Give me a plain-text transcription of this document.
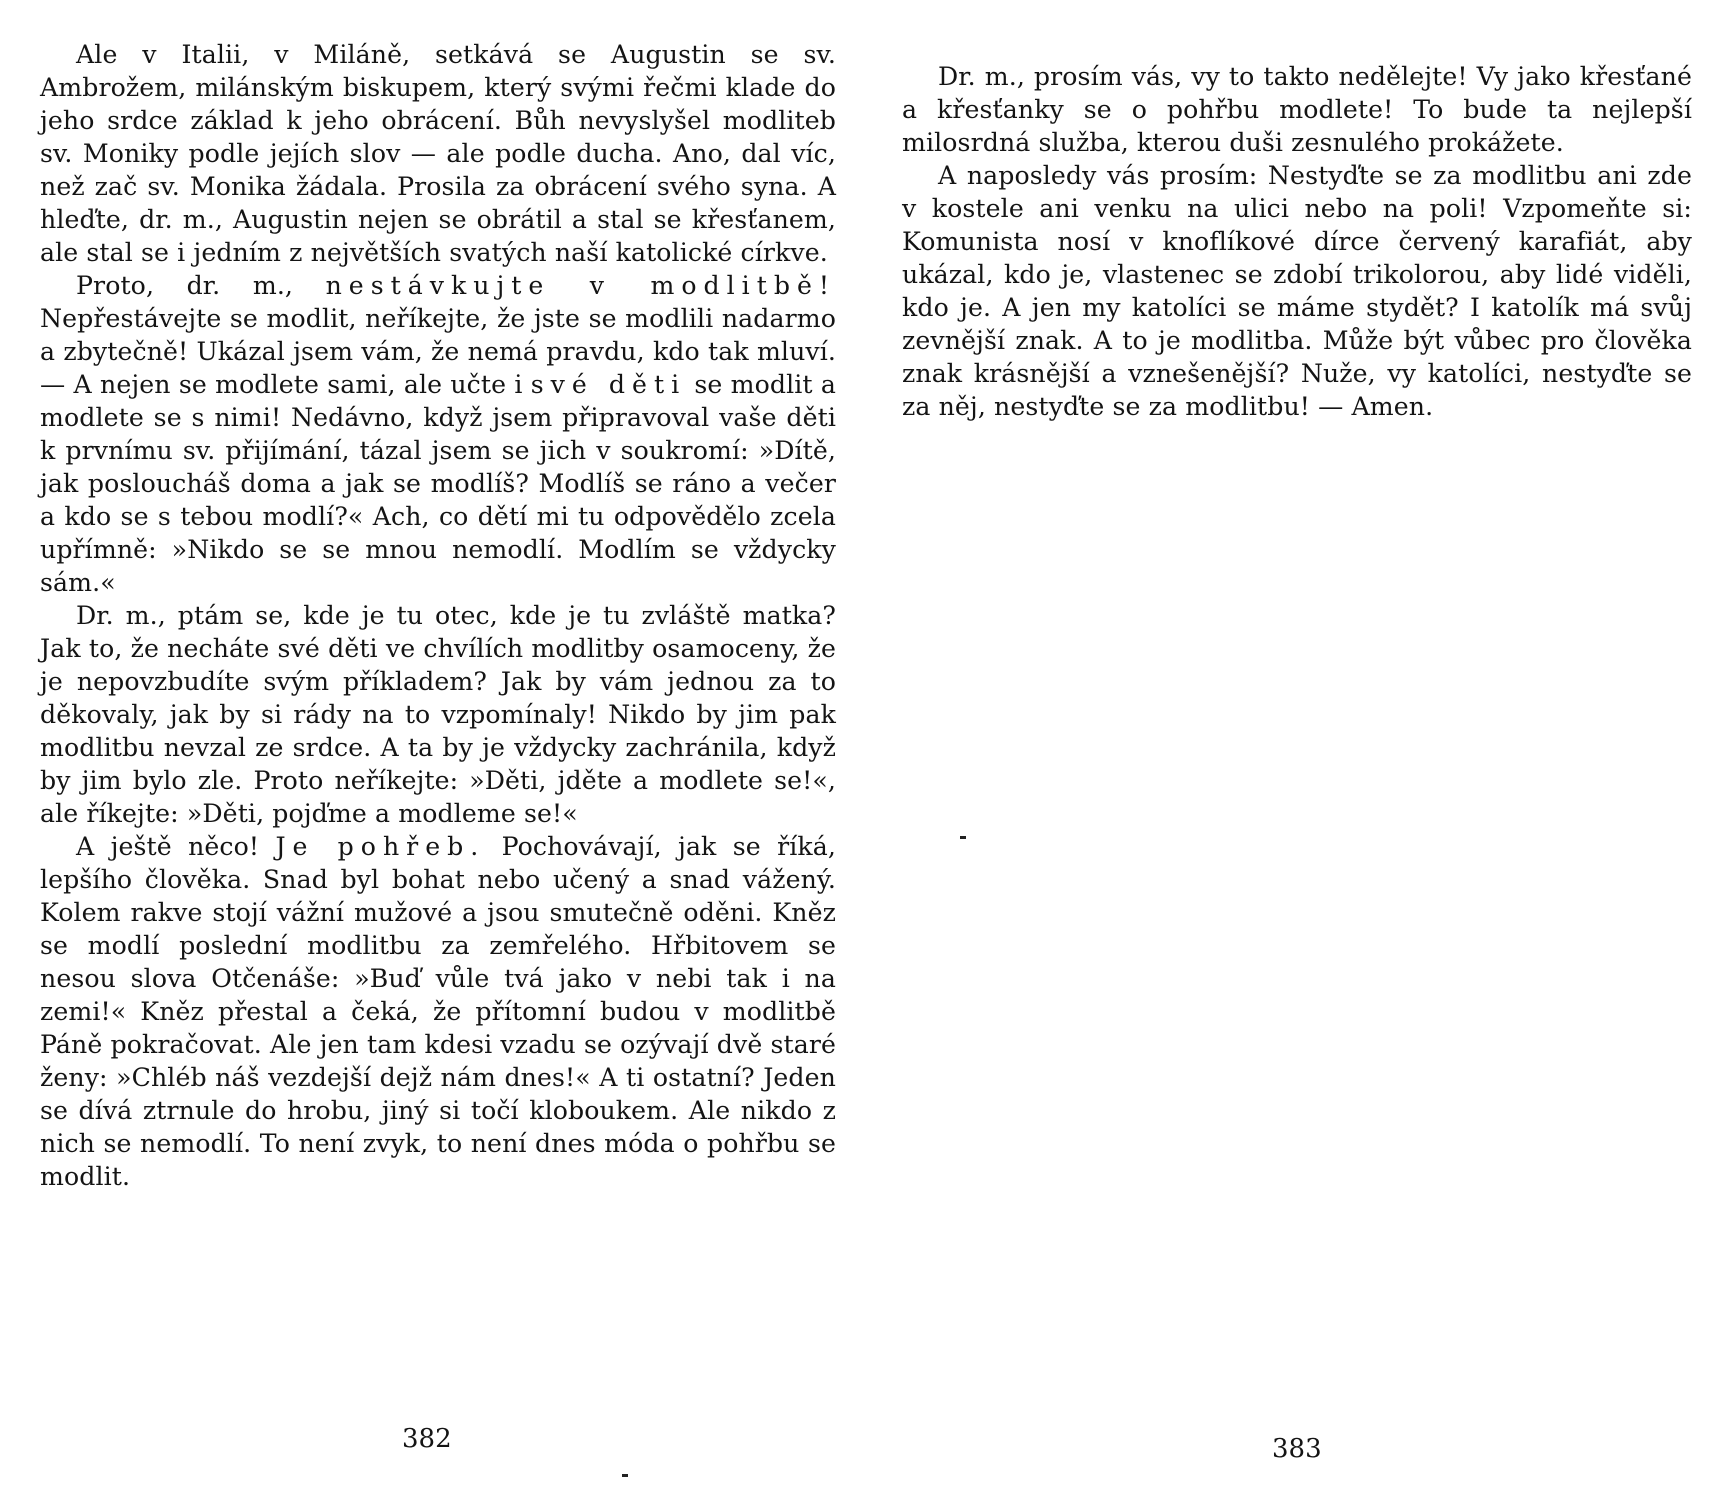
Ale v Italii, v Miláně, setkává se Augustin se sv. Ambrožem, milánským biskupem, který svými řečmi klade do jeho srdce základ k jeho obrácení. Bůh nevyslyšel modliteb sv. Moniky podle jejích slov — ale podle ducha. Ano, dal víc, než zač sv. Monika žádala. Prosila za obrácení svého syna. A hleďte, dr. m., Augustin nejen se obrátil a stal se křesťanem, ale stal se i jedním z největších svatých naší katolické církve.
Proto, dr. m., nestávkujte v modlitbě! Nepřestávejte se modlit, neříkejte, že jste se modlili nadarmo a zbytečně! Ukázal jsem vám, že nemá pravdu, kdo tak mluví. — A nejen se modlete sami, ale učte i své děti se modlit a modlete se s nimi! Nedávno, když jsem připravoval vaše děti k prvnímu sv. přijímání, tázal jsem se jich v soukromí: »Dítě, jak posloucháš doma a jak se modlíš? Modlíš se ráno a večer a kdo se s tebou modlí?« Ach, co dětí mi tu odpovědělo zcela upřímně: »Nikdo se se mnou nemodlí. Modlím se vždycky sám.«
Dr. m., ptám se, kde je tu otec, kde je tu zvláště matka? Jak to, že necháte své děti ve chvílích modlitby osamoceny, že je nepovzbudíte svým příkladem? Jak by vám jednou za to děkovaly, jak by si rády na to vzpomínaly! Nikdo by jim pak modlitbu nevzal ze srdce. A ta by je vždycky zachránila, když by jim bylo zle. Proto neříkejte: »Děti, jděte a modlete se!«, ale říkejte: »Děti, pojďme a modleme se!«
A ještě něco! Je pohřeb. Pochovávají, jak se říká, lepšího člověka. Snad byl bohat nebo učený a snad vážený. Kolem rakve stojí vážní mužové a jsou smutečně oděni. Kněz se modlí poslední modlitbu za zemřelého. Hřbitovem se nesou slova Otčenáše: »Buď vůle tvá jako v nebi tak i na zemi!« Kněz přestal a čeká, že přítomní budou v modlitbě Páně pokračovat. Ale jen tam kdesi vzadu se ozývají dvě staré ženy: »Chléb náš vezdejší dejž nám dnes!« A ti ostatní? Jeden se dívá ztrnule do hrobu, jiný si točí kloboukem. Ale nikdo z nich se nemodlí. To není zvyk, to není dnes móda o pohřbu se modlit.
Dr. m., prosím vás, vy to takto nedělejte! Vy jako křesťané a křesťanky se o pohřbu modlete! To bude ta nejlepší milosrdná služba, kterou duši zesnulého prokážete.
A naposledy vás prosím: Nestyďte se za modlitbu ani zde v kostele ani venku na ulici nebo na poli! Vzpomeňte si: Komunista nosí v knoflíkové dírce červený karafiát, aby ukázal, kdo je, vlastenec se zdobí trikolorou, aby lidé viděli, kdo je. A jen my katolíci se máme stydět? I katolík má svůj zevnější znak. A to je modlitba. Může být vůbec pro člověka znak krásnější a vznešenější? Nuže, vy katolíci, nestyďte se za něj, nestyďte se za modlitbu! — Amen.
382	383
